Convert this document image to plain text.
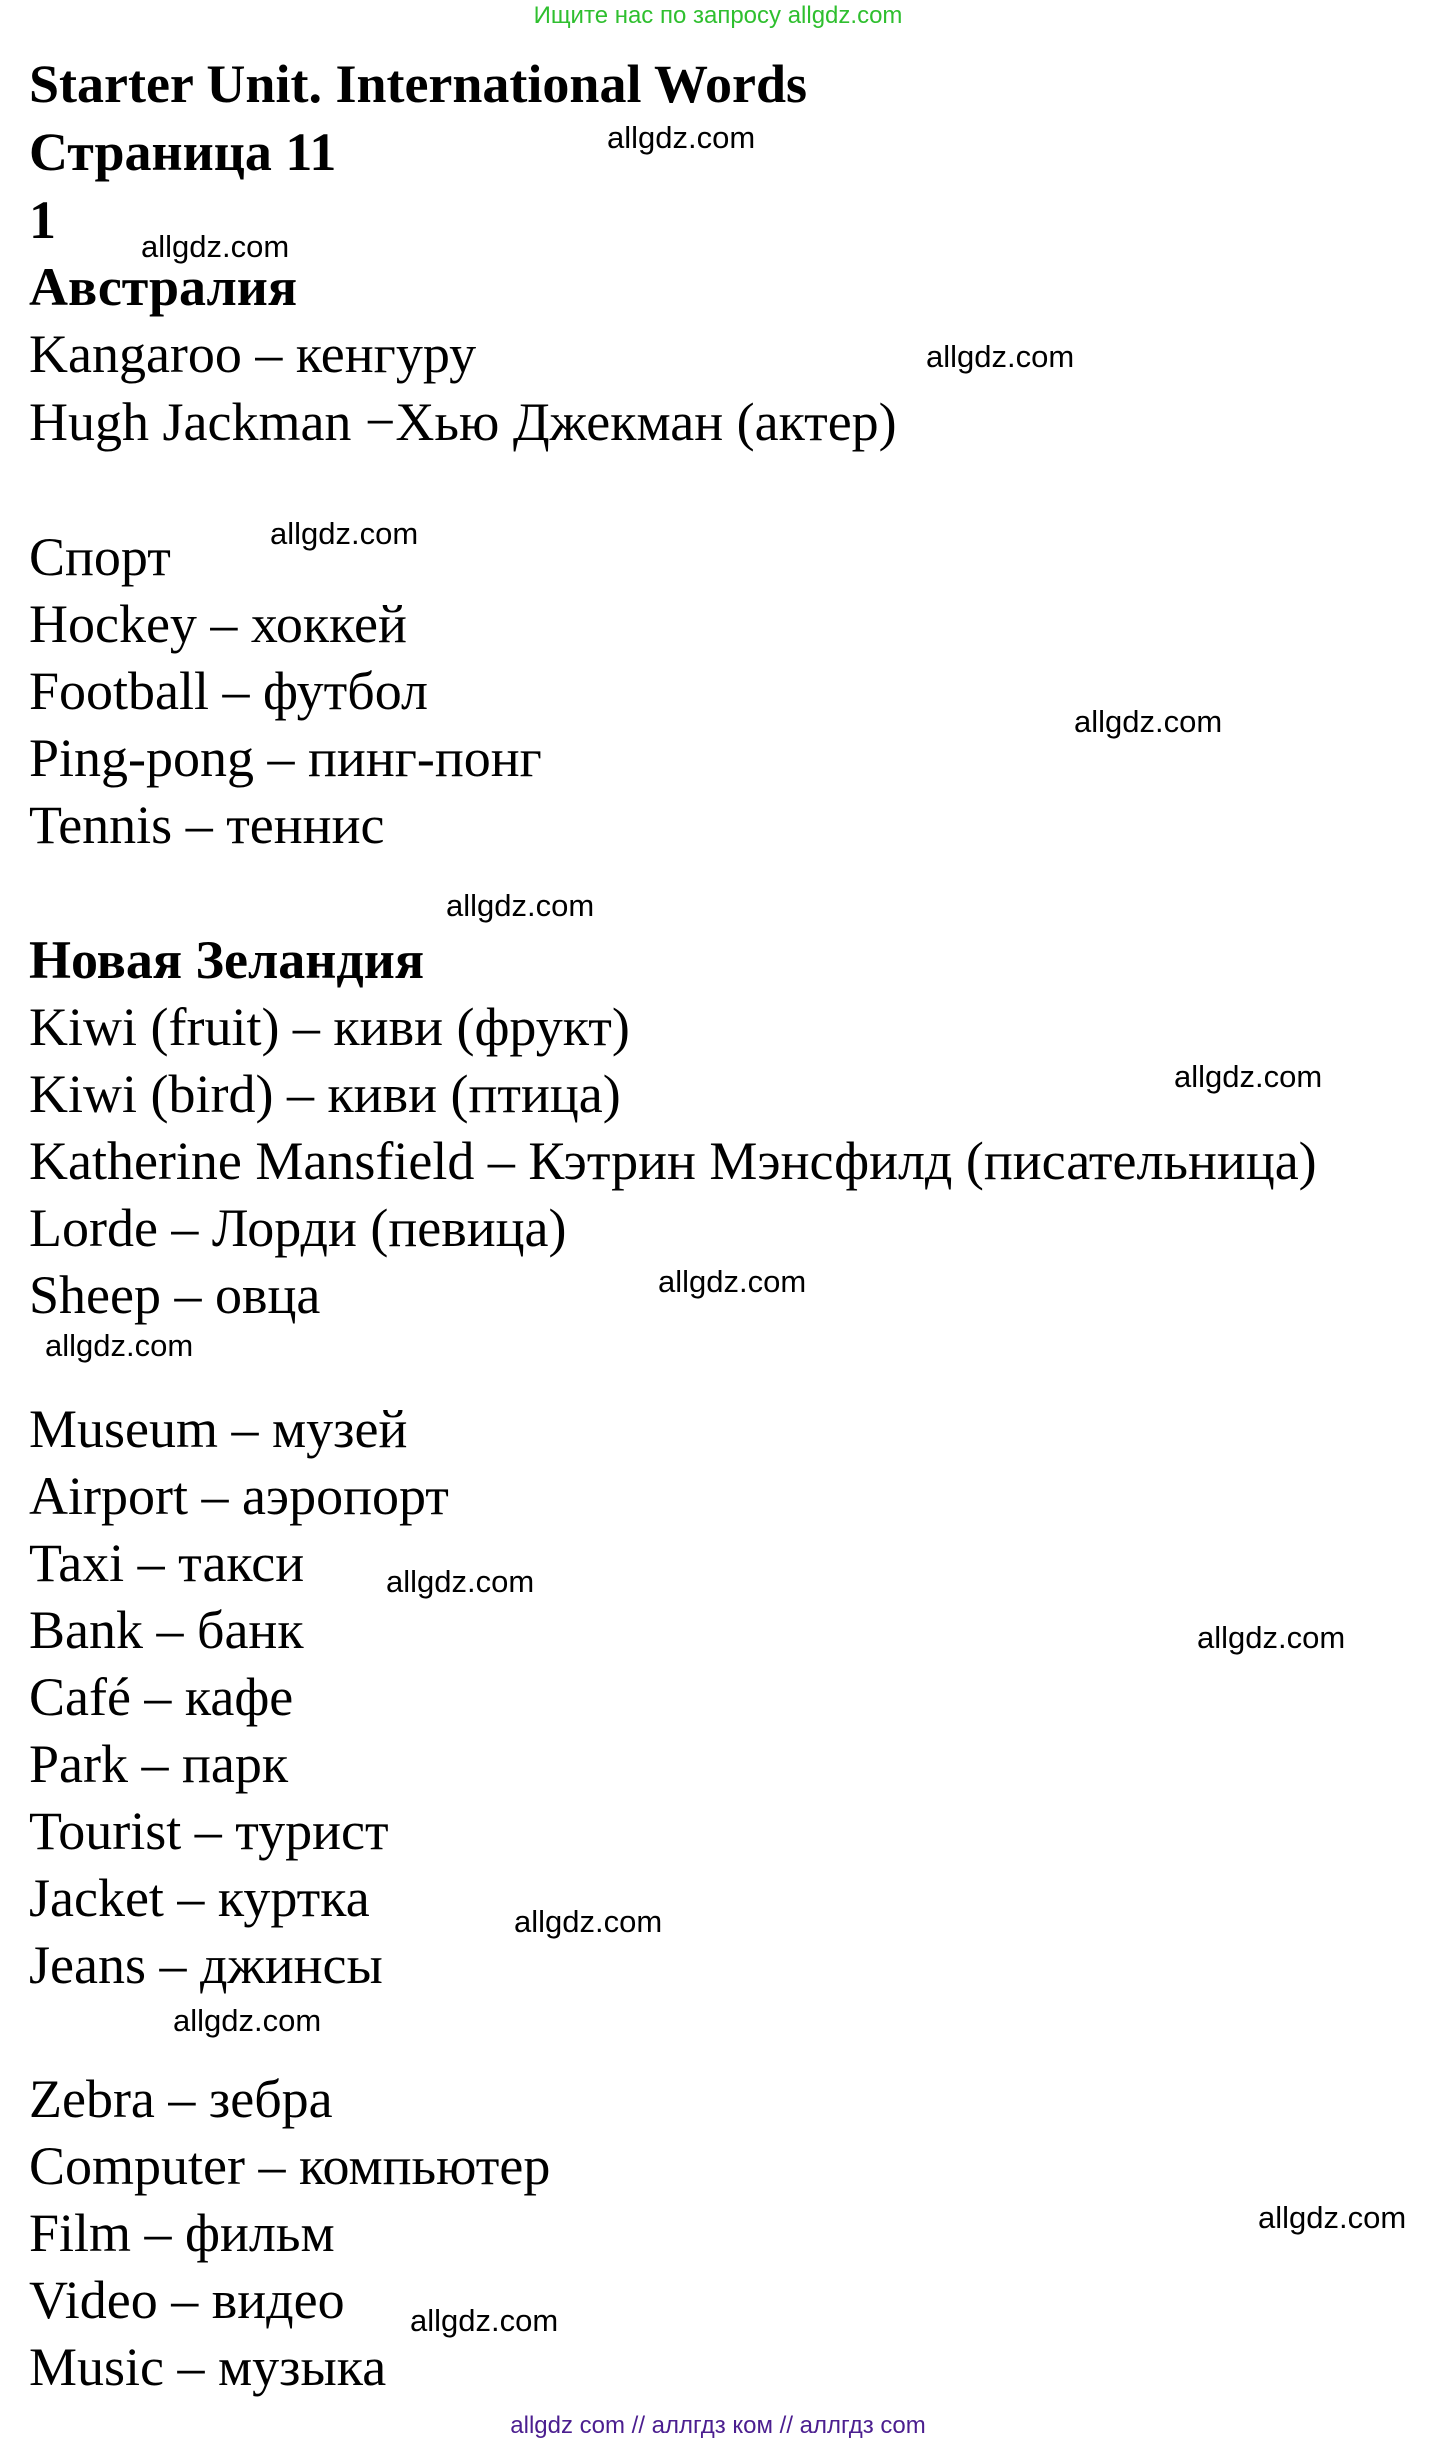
Ищите нас по запросу allgdz.com
Starter Unit. International Words
Страница 11
1
Австралия
Kangaroo – кенгуру
Hugh Jackman −Хью Джекман (актер)
Спорт
Hockey – хоккей
Football – футбол
Ping-pong – пинг-понг
Tennis – теннис
Новая Зеландия
Kiwi (fruit) – киви (фрукт)
Kiwi (bird) – киви (птица)
Katherine Mansfield – Кэтрин Мэнсфилд (писательница)
Lorde – Лорди (певица)
Sheep – овца
Museum – музей
Airport – аэропорт
Taxi – такси
Bank – банк
Café – кафе
Park – парк
Tourist – турист
Jacket – куртка
Jeans – джинсы
Zebra – зебра
Computer – компьютер
Film – фильм
Video – видео
Music – музыка
allgdz.com
allgdz.com
allgdz.com
allgdz.com
allgdz.com
allgdz.com
allgdz.com
allgdz.com
allgdz.com
allgdz.com
allgdz.com
allgdz.com
allgdz.com
allgdz.com
allgdz.com
allgdz com // аллгдз ком // аллгдз com
